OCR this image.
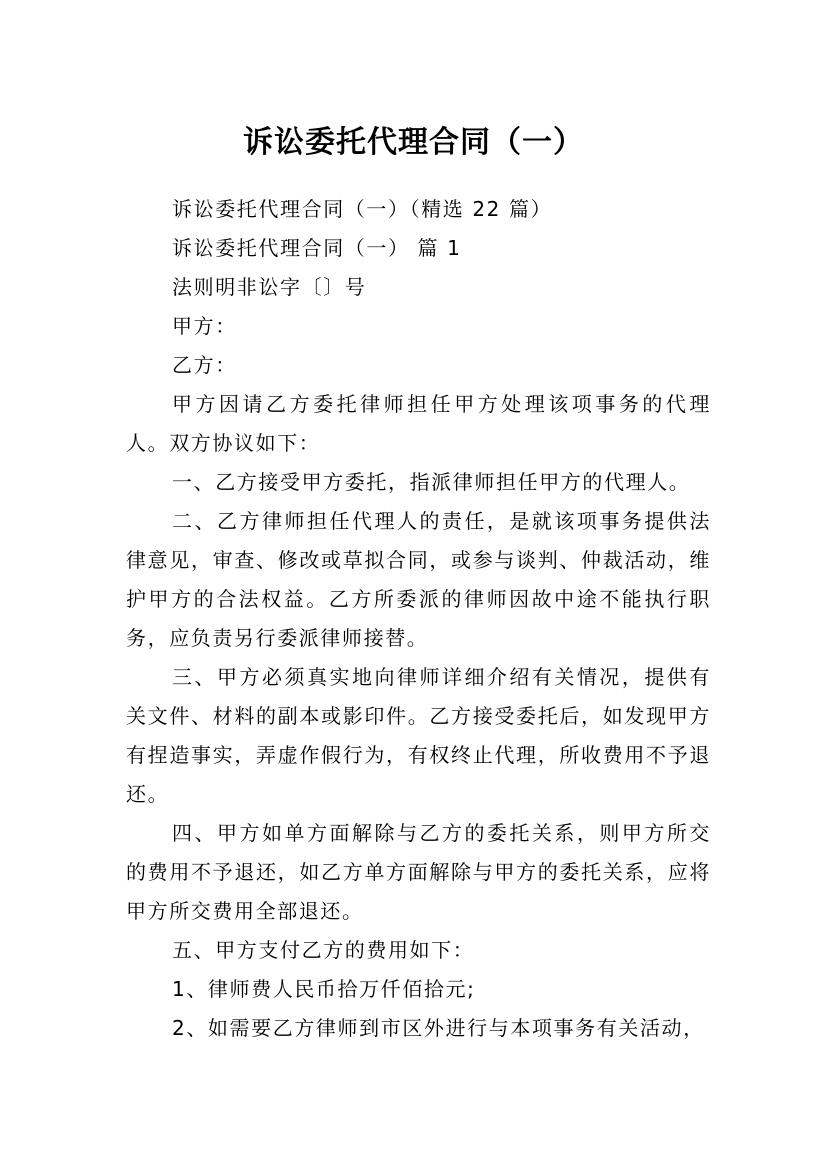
诉讼委托代理合同（一）

诉讼委托代理合同（一）（精选 22 篇）

诉讼委托代理合同（一） 篇 1

法则明非讼字〔〕号

甲方：

乙方：

甲方因请乙方委托律师担任甲方处理该项事务的代理人。双方协议如下：

一、乙方接受甲方委托，指派律师担任甲方的代理人。

二、乙方律师担任代理人的责任，是就该项事务提供法律意见，审查、修改或草拟合同，或参与谈判、仲裁活动，维护甲方的合法权益。乙方所委派的律师因故中途不能执行职务，应负责另行委派律师接替。

三、甲方必须真实地向律师详细介绍有关情况，提供有关文件、材料的副本或影印件。乙方接受委托后，如发现甲方有捏造事实，弄虚作假行为，有权终止代理，所收费用不予退还。

四、甲方如单方面解除与乙方的委托关系，则甲方所交的费用不予退还，如乙方单方面解除与甲方的委托关系，应将甲方所交费用全部退还。

五、甲方支付乙方的费用如下：

1、律师费人民币拾万仟佰拾元;

2、如需要乙方律师到市区外进行与本项事务有关活动，
